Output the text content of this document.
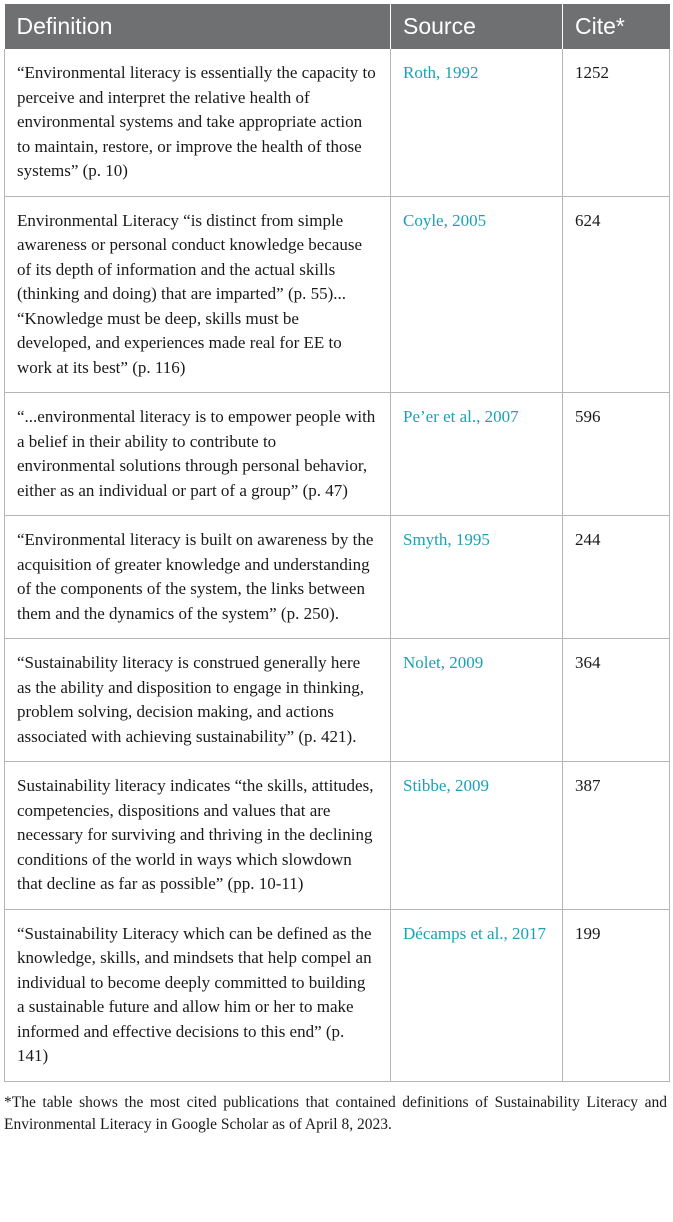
Definition	Source	Cite*
“Environmental literacy is essentially the capacity to perceive and interpret the relative health of environmental systems and take appropriate action to maintain, restore, or improve the health of those systems” (p. 10)	Roth, 1992	1252
Environmental Literacy “is distinct from simple awareness or personal conduct knowledge because of its depth of information and the actual skills (thinking and doing) that are imparted” (p. 55)... “Knowledge must be deep, skills must be developed, and experiences made real for EE to work at its best” (p. 116)	Coyle, 2005	624
“...environmental literacy is to empower people with a belief in their ability to contribute to environmental solutions through personal behavior, either as an individual or part of a group” (p. 47)	Pe’er et al., 2007	596
“Environmental literacy is built on awareness by the acquisition of greater knowledge and understanding of the components of the system, the links between them and the dynamics of the system” (p. 250).	Smyth, 1995	244
“Sustainability literacy is construed generally here as the ability and disposition to engage in thinking, problem solving, decision making, and actions associated with achieving sustainability” (p. 421).	Nolet, 2009	364
Sustainability literacy indicates “the skills, attitudes, competencies, dispositions and values that are necessary for surviving and thriving in the declining conditions of the world in ways which slowdown that decline as far as possible” (pp. 10-11)	Stibbe, 2009	387
“Sustainability Literacy which can be defined as the knowledge, skills, and mindsets that help compel an individual to become deeply committed to building a sustainable future and allow him or her to make informed and effective decisions to this end” (p. 141)	Décamps et al., 2017	199
*The table shows the most cited publications that contained definitions of Sustainability Literacy and Environmental Literacy in Google Scholar as of April 8, 2023.
